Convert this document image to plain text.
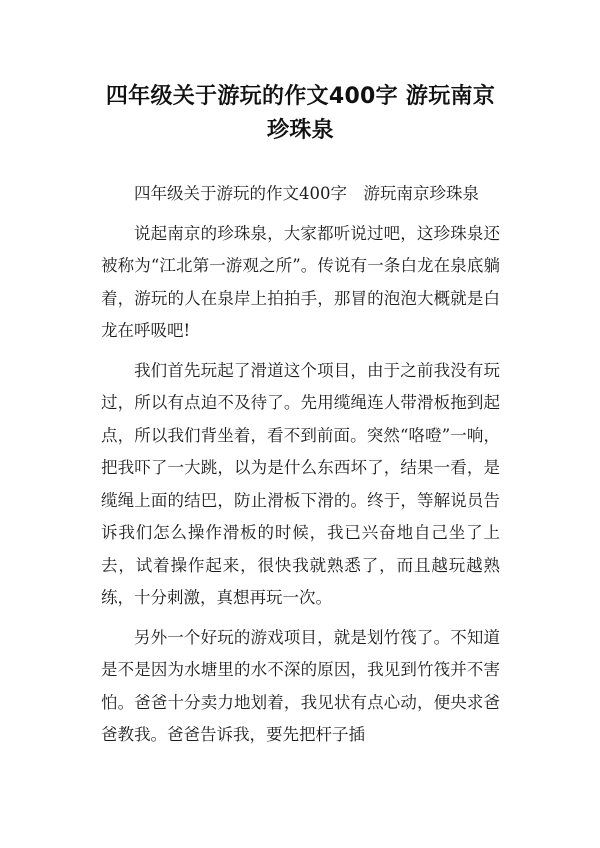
四年级关于游玩的作文400字 游玩南京珍珠泉

四年级关于游玩的作文400字　游玩南京珍珠泉

说起南京的珍珠泉，大家都听说过吧，这珍珠泉还被称为“江北第一游观之所”。传说有一条白龙在泉底躺着，游玩的人在泉岸上拍拍手，那冒的泡泡大概就是白龙在呼吸吧!

我们首先玩起了滑道这个项目，由于之前我没有玩过，所以有点迫不及待了。先用缆绳连人带滑板拖到起点，所以我们背坐着，看不到前面。突然“咯噔”一响，把我吓了一大跳，以为是什么东西坏了，结果一看，是缆绳上面的结巴，防止滑板下滑的。终于，等解说员告诉我们怎么操作滑板的时候，我已兴奋地自己坐了上去，试着操作起来，很快我就熟悉了，而且越玩越熟练，十分刺激，真想再玩一次。

另外一个好玩的游戏项目，就是划竹筏了。不知道是不是因为水塘里的水不深的原因，我见到竹筏并不害怕。爸爸十分卖力地划着，我见状有点心动，便央求爸爸教我。爸爸告诉我，要先把杆子插
